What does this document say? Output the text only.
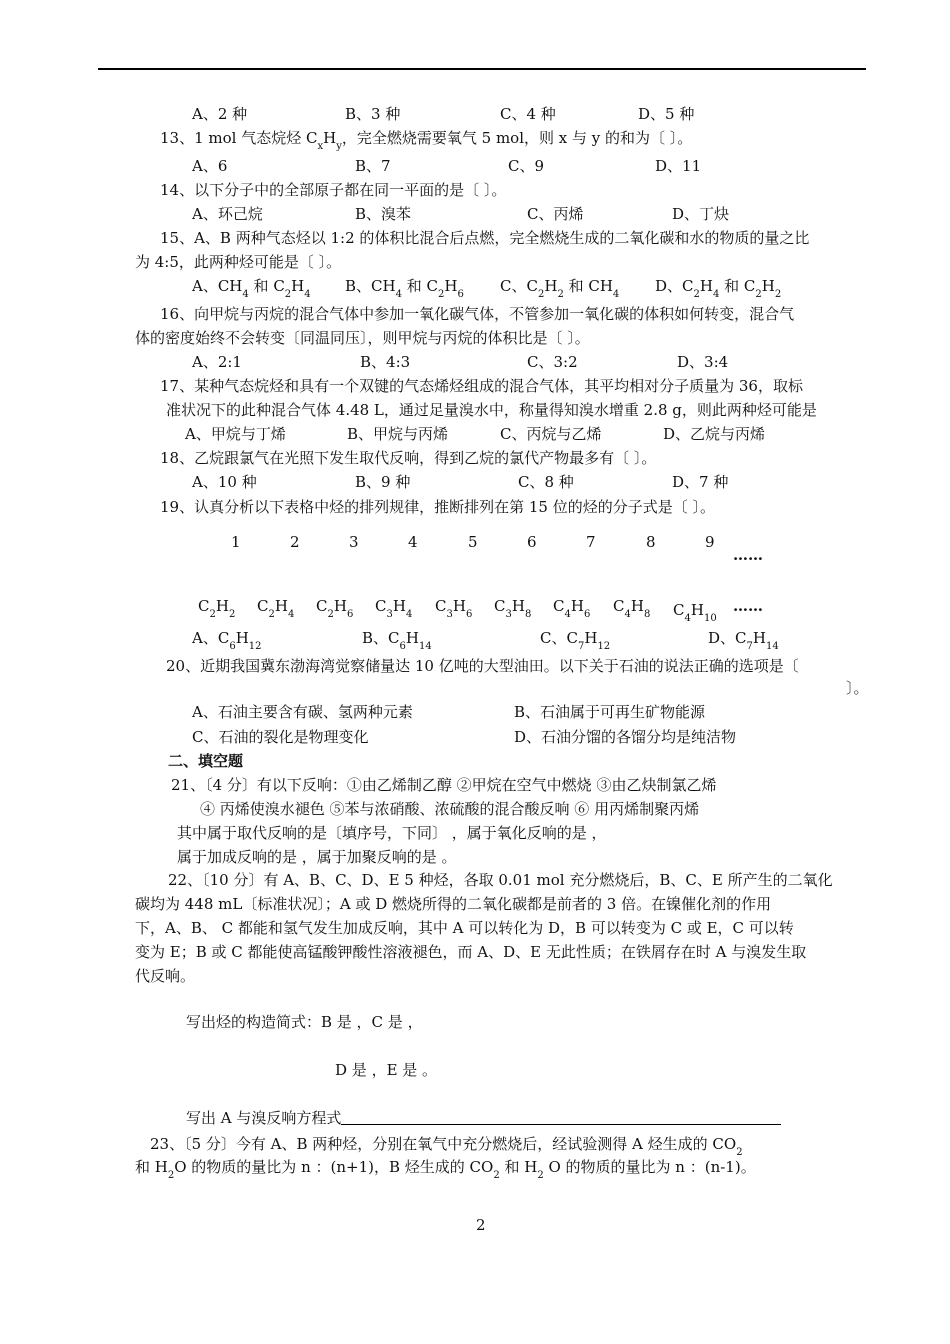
A、2 种	B、3 种	C、4 种	D、5 种
13、1 mol 气态烷烃 $C_xH_y$，完全燃烧需要氧气 5 mol，则 x 与 y 的和为〔 〕。
A、6	B、7	C、9	D、11
14、以下分子中的全部原子都在同一平面的是〔 〕。
A、环己烷	B、溴苯	C、丙烯	D、丁炔
15、A、B 两种气态烃以 1:2 的体积比混合后点燃，完全燃烧生成的二氧化碳和水的物质的量之比
为 4:5，此两种烃可能是〔 〕。
A、$CH_4$ 和 $C_2H_4$ B、$CH_4$ 和 $C_2H_6$ C、$C_2H_2$ 和 $CH_4$ D、$C_2H_4$ 和 $C_2H_2$
16、向甲烷与丙烷的混合气体中参加一氧化碳气体，不管参加一氧化碳的体积如何转变，混合气
体的密度始终不会转变〔同温同压〕，则甲烷与丙烷的体积比是〔 〕。
A、2:1	B、4:3	C、3:2	D、3:4
17、某种气态烷烃和具有一个双键的气态烯烃组成的混合气体，其平均相对分子质量为 36，取标
准状况下的此种混合气体 4.48 L，通过足量溴水中，称量得知溴水增重 2.8 g，则此两种烃可能是
A、甲烷与丁烯	B、甲烷与丙烯	C、丙烷与乙烯	D、乙烷与丙烯
18、乙烷跟氯气在光照下发生取代反响，得到乙烷的氯代产物最多有〔 〕。
A、10 种	B、9 种	C、8 种	D、7 种
19、认真分析以下表格中烃的排列规律，推断排列在第 15 位的烃的分子式是〔 〕。
1	2	3	4	5	6	7	8	9
……
$C_2H_2$ $C_2H_4$ $C_2H_6$ $C_3H_4$ $C_3H_6$ $C_3H_8$ $C_4H_6$ $C_4H_8$ $C_4H_{10}$
……
A、$C_6H_{12}$	B、$C_6H_{14}$	C、$C_7H_{12}$	D、$C_7H_{14}$
20、近期我国冀东渤海湾觉察储量达 10 亿吨的大型油田。以下关于石油的说法正确的选项是〔
〕。
A、石油主要含有碳、氢两种元素	B、石油属于可再生矿物能源
C、石油的裂化是物理变化	D、石油分馏的各馏分均是纯洁物
二、填空题
21、〔4 分〕有以下反响：①由乙烯制乙醇 ②甲烷在空气中燃烧 ③由乙炔制氯乙烯
④ 丙烯使溴水褪色 ⑤苯与浓硝酸、浓硫酸的混合酸反响 ⑥ 用丙烯制聚丙烯
其中属于取代反响的是〔填序号，下同〕 ，属于氧化反响的是 ，
属于加成反响的是 ，属于加聚反响的是 。
22、〔10 分〕有 A、B、C、D、E 5 种烃，各取 0.01 mol 充分燃烧后，B、C、E 所产生的二氧化
碳均为 448 mL〔标准状况〕；A 或 D 燃烧所得的二氧化碳都是前者的 3 倍。在镍催化剂的作用
下，A、B、 C 都能和氢气发生加成反响，其中 A 可以转化为 D，B 可以转变为 C 或 E，C 可以转
变为 E；B 或 C 都能使高锰酸钾酸性溶液褪色，而 A、D、E 无此性质；在铁屑存在时 A 与溴发生取
代反响。
写出烃的构造简式：B 是 ，C 是 ，
D 是 ，E 是 。
写出 A 与溴反响方程式
23、〔5 分〕今有 A、B 两种烃，分别在氧气中充分燃烧后，经试验测得 A 烃生成的 $CO_2$
和 $H_2O$ 的物质的量比为 n ：(n+1)，B 烃生成的 $CO_2$ 和 $H_2$ O 的物质的量比为 n ：(n-1)。
2
